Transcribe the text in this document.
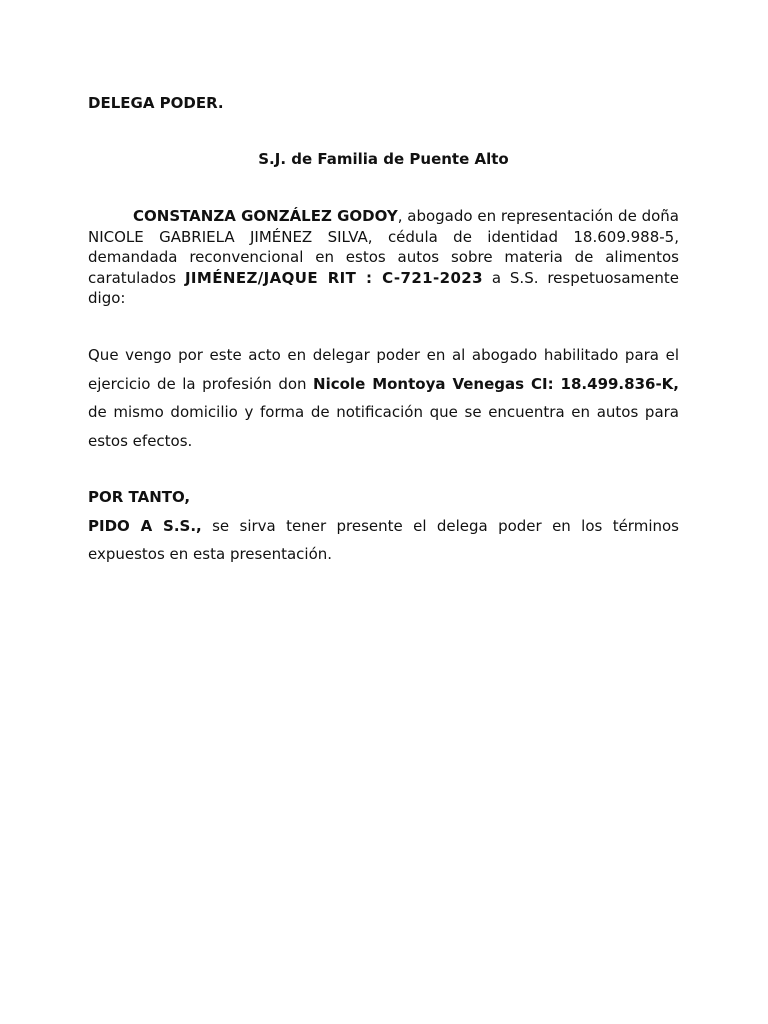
DELEGA PODER.

S.J. de Familia de Puente Alto

CONSTANZA GONZÁLEZ GODOY, abogado en representación de doña NICOLE GABRIELA JIMÉNEZ SILVA, cédula de identidad 18.609.988-5, demandada reconvencional en estos autos sobre materia de alimentos caratulados JIMÉNEZ/JAQUE RIT : C-721-2023 a S.S. respetuosamente digo:

Que vengo por este acto en delegar poder en al abogado habilitado para el ejercicio de la profesión don Nicole Montoya Venegas CI: 18.499.836-K, de mismo domicilio y forma de notificación que se encuentra en autos para estos efectos.

POR TANTO,
PIDO A S.S., se sirva tener presente el delega poder en los términos expuestos en esta presentación.
